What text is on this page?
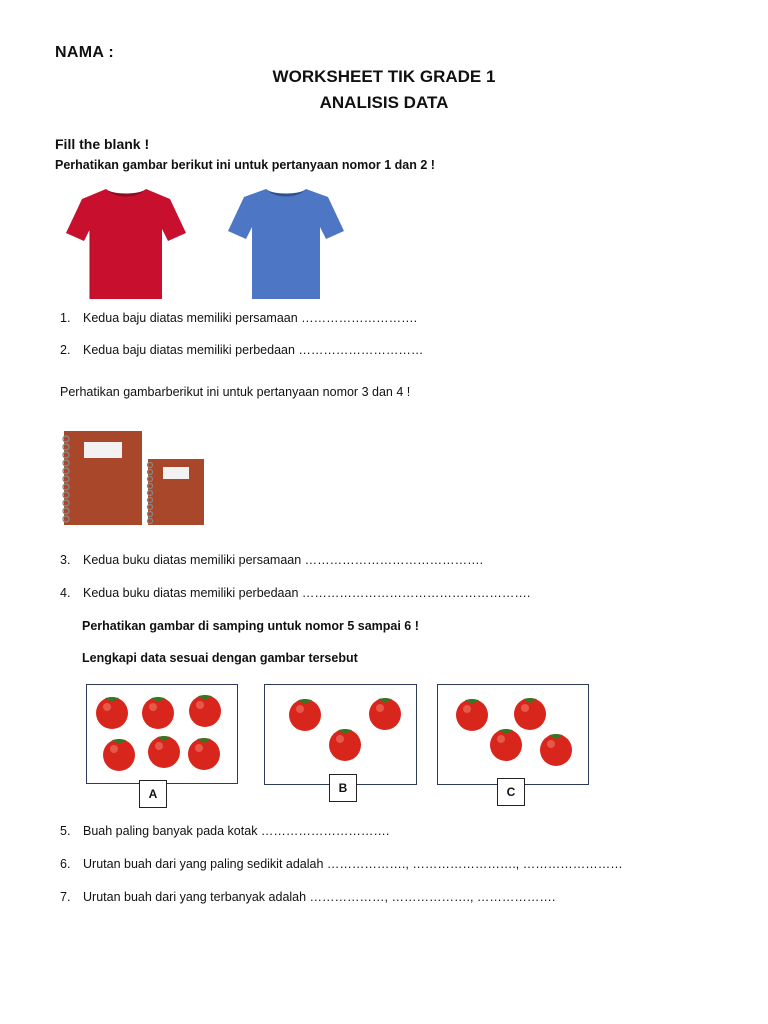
NAMA :
WORKSHEET TIK GRADE 1
ANALISIS DATA
Fill the blank !
Perhatikan gambar berikut ini untuk pertanyaan nomor 1 dan 2 !
1. Kedua baju diatas memiliki persamaan ……………………….
2. Kedua baju diatas memiliki perbedaan …………………………
Perhatikan gambarberikut ini untuk pertanyaan nomor 3 dan 4 !
3. Kedua buku diatas memiliki persamaan …………………………………….
4. Kedua buku diatas memiliki perbedaan ……………………………………………….
Perhatikan gambar di samping untuk nomor 5 sampai 6 !
Lengkapi data sesuai dengan gambar tersebut
A	B	C
5. Buah paling banyak pada kotak ………………………….
6. Urutan buah dari yang paling sedikit adalah ………………., ……………………., ……………………
7. Urutan buah dari yang terbanyak adalah ………………, ………………., ……………….
